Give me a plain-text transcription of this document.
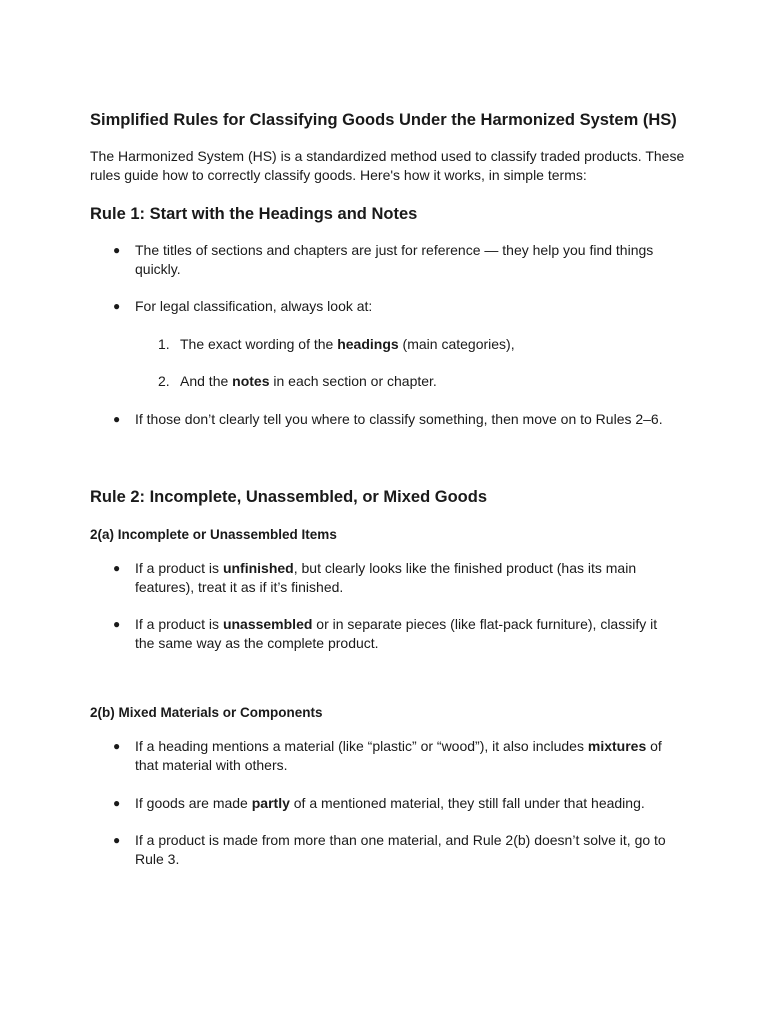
Simplified Rules for Classifying Goods Under the Harmonized System (HS)

The Harmonized System (HS) is a standardized method used to classify traded products. These rules guide how to correctly classify goods. Here's how it works, in simple terms:

Rule 1: Start with the Headings and Notes
● The titles of sections and chapters are just for reference — they help you find things quickly.
● For legal classification, always look at:
1. The exact wording of the headings (main categories),
2. And the notes in each section or chapter.
● If those don’t clearly tell you where to classify something, then move on to Rules 2–6.
Rule 2: Incomplete, Unassembled, or Mixed Goods
2(a) Incomplete or Unassembled Items
● If a product is unfinished, but clearly looks like the finished product (has its main features), treat it as if it’s finished.
● If a product is unassembled or in separate pieces (like flat-pack furniture), classify it the same way as the complete product.
2(b) Mixed Materials or Components
● If a heading mentions a material (like “plastic” or “wood”), it also includes mixtures of that material with others.
● If goods are made partly of a mentioned material, they still fall under that heading.
● If a product is made from more than one material, and Rule 2(b) doesn’t solve it, go to Rule 3.
